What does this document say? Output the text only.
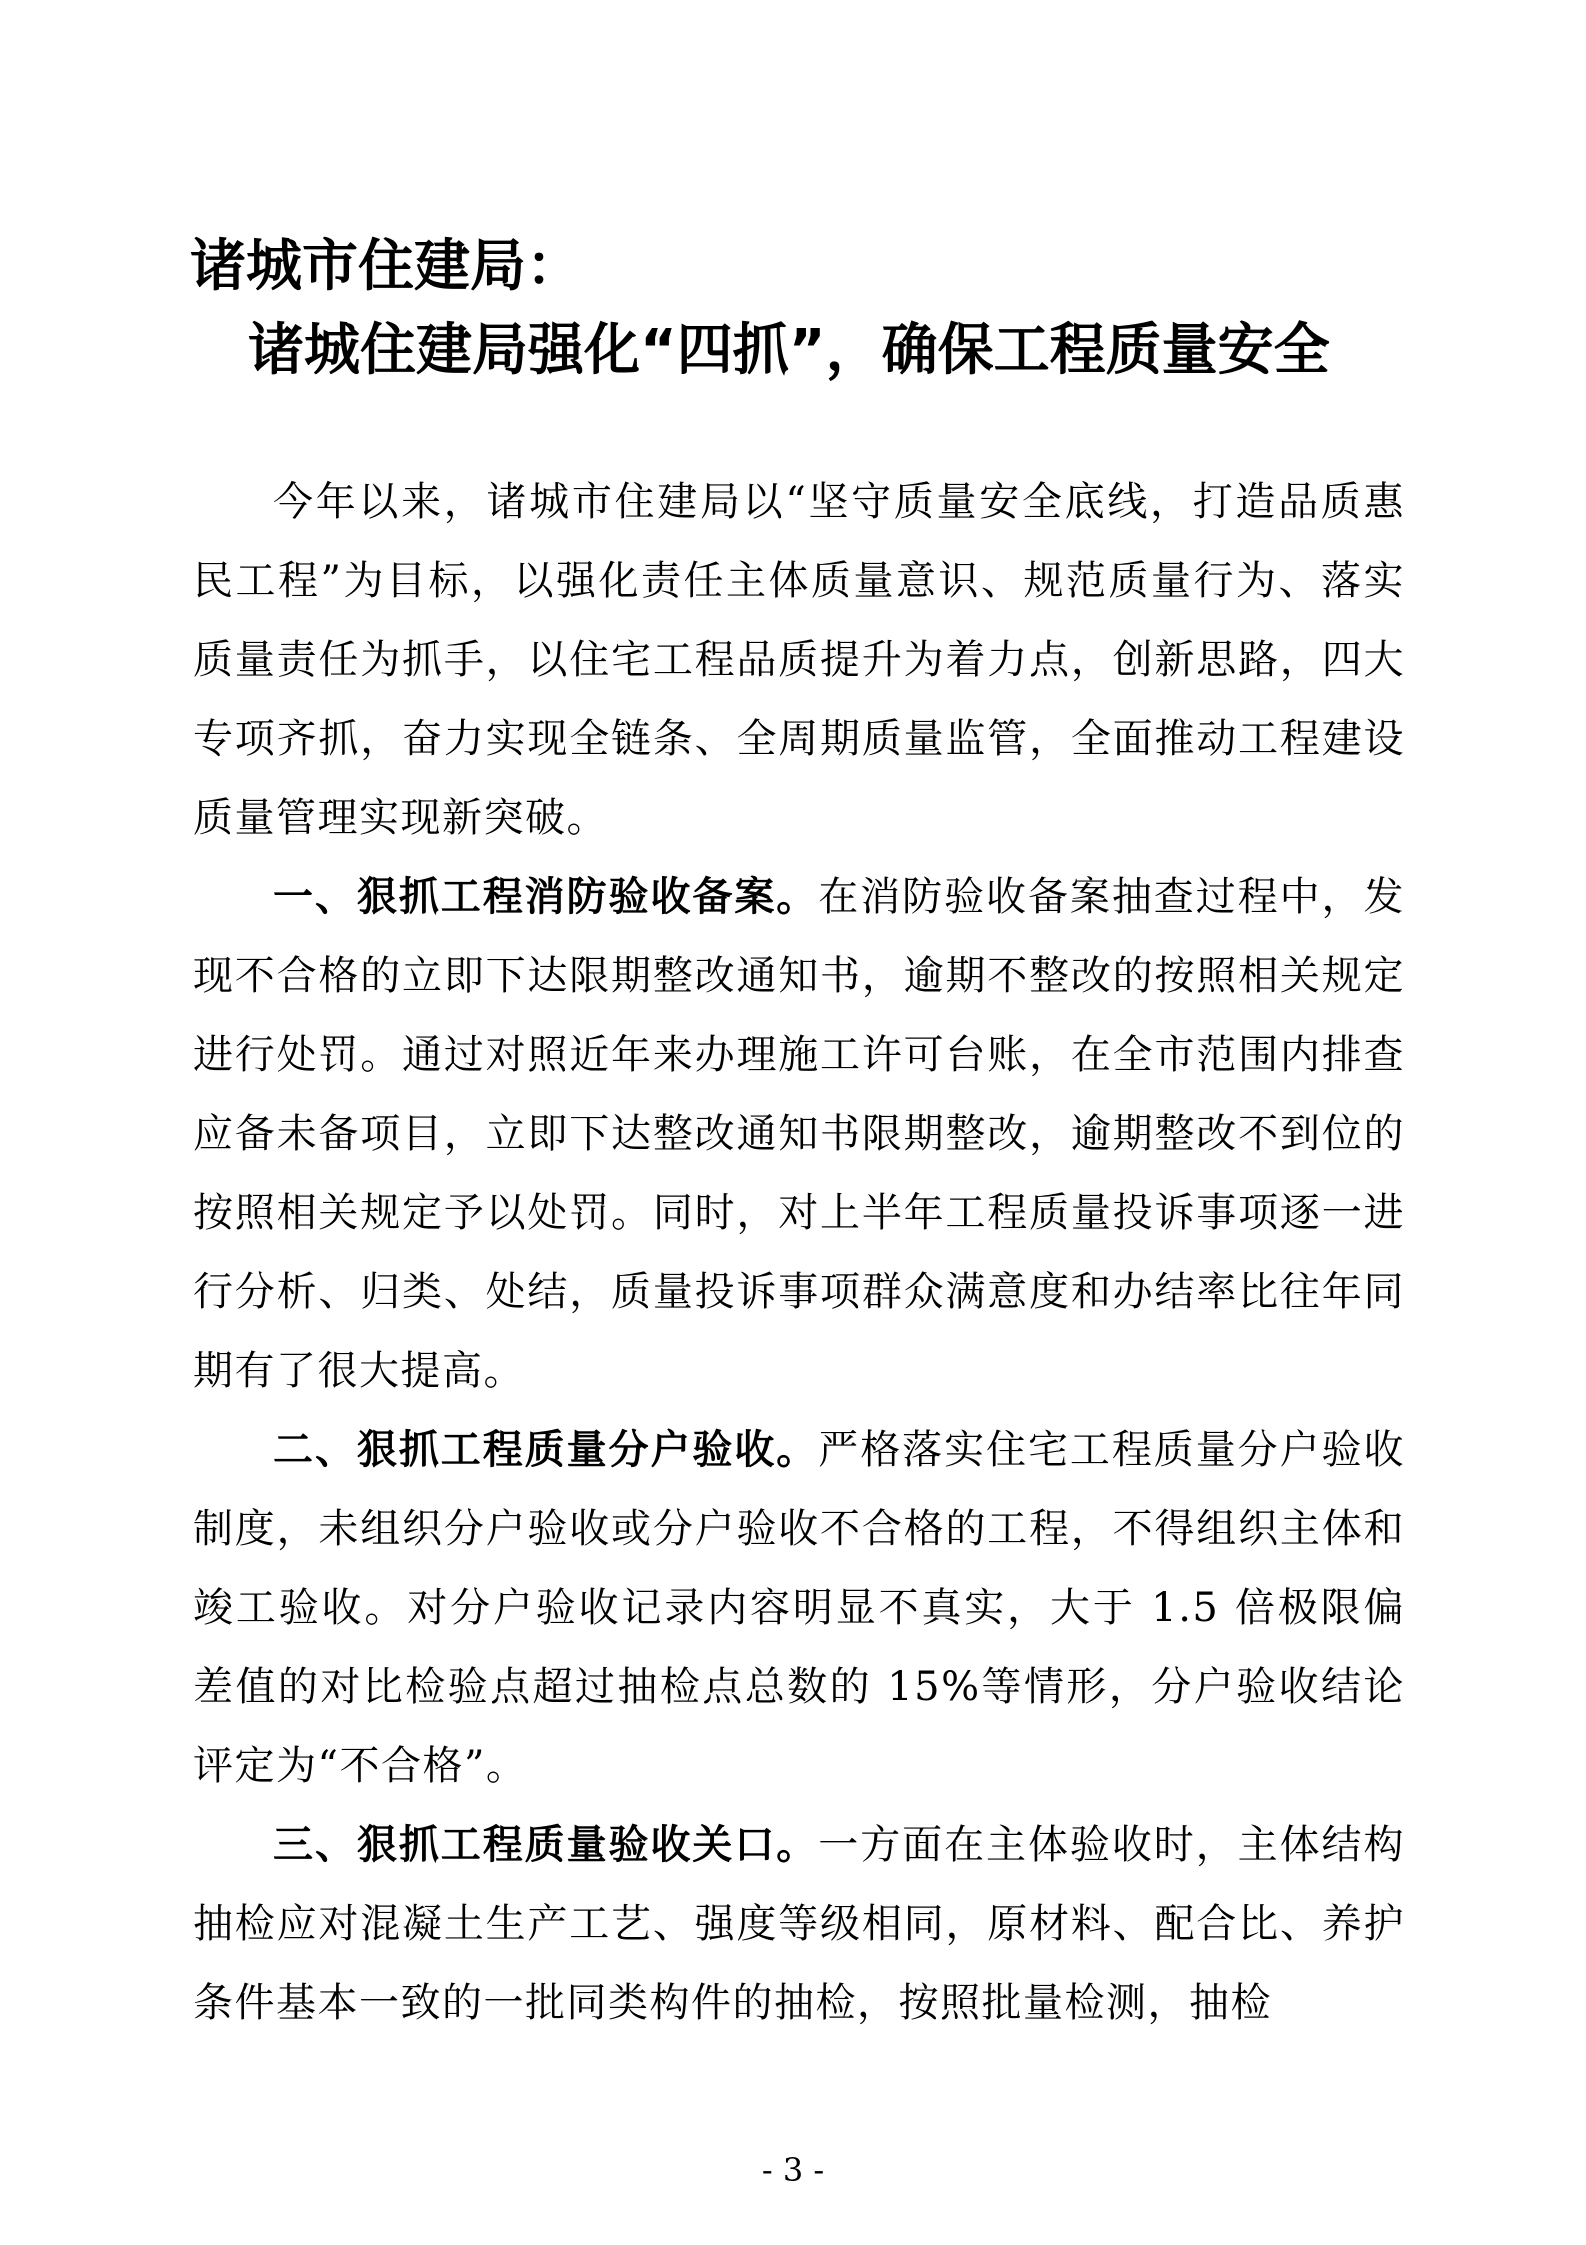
诸城市住建局：
诸城住建局强化“四抓”，确保工程质量安全

今年以来，诸城市住建局以“坚守质量安全底线，打造品质惠民工程”为目标，以强化责任主体质量意识、规范质量行为、落实质量责任为抓手，以住宅工程品质提升为着力点，创新思路，四大专项齐抓，奋力实现全链条、全周期质量监管，全面推动工程建设质量管理实现新突破。

一、狠抓工程消防验收备案。在消防验收备案抽查过程中，发现不合格的立即下达限期整改通知书，逾期不整改的按照相关规定进行处罚。通过对照近年来办理施工许可台账，在全市范围内排查应备未备项目，立即下达整改通知书限期整改，逾期整改不到位的按照相关规定予以处罚。同时，对上半年工程质量投诉事项逐一进行分析、归类、处结，质量投诉事项群众满意度和办结率比往年同期有了很大提高。

二、狠抓工程质量分户验收。严格落实住宅工程质量分户验收制度，未组织分户验收或分户验收不合格的工程，不得组织主体和竣工验收。对分户验收记录内容明显不真实，大于 1.5 倍极限偏差值的对比检验点超过抽检点总数的 15%等情形，分户验收结论评定为“不合格”。

三、狠抓工程质量验收关口。一方面在主体验收时，主体结构抽检应对混凝土生产工艺、强度等级相同，原材料、配合比、养护条件基本一致的一批同类构件的抽检，按照批量检测，抽检

- 3 -
